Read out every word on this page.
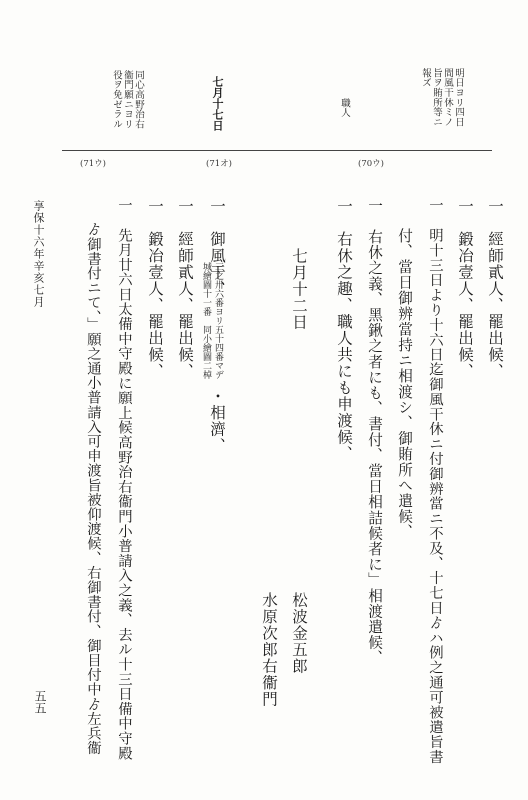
明日ヨリ四日
間風干休ミノ
旨ヲ賄所等ニ
報ズ
職人
七月十七日
同心高野治右
衞門願ニヨリ
役ヲ免ゼラル
(70ウ)
(71オ)
(71ウ)
一　經師貳人、罷出候、
一　鍛冶壹人、罷出候、
一　明十三日より十六日迄御風干休ニ付御辨當ニ不及、十七日ゟハ例之通可被遣旨書
付、當日御辨當持ニ相渡シ、御賄所へ遣候、
一　右休之義、黑鍬之者にも、書付、當日相詰候者に」相渡遣候、
一　右休之趣、職人共にも申渡候、
七月十二日
松波金五郎
水原次郎右衞門
一　御風干、
三之卅六番ヨリ五十四番マデ
城繪圖十一番　同小繪圖二棹
・相濟、
一　經師貳人、罷出候、
一　鍛冶壹人、罷出候、
一　先月廿六日太備中守殿に願上候高野治右衞門小普請入之義、去ル十三日備中守殿
ゟ御書付ニて、」願之通小普請入可申渡旨被仰渡候、右御書付、御目付中ゟ左兵衞
享保十六年辛亥七月
五五
